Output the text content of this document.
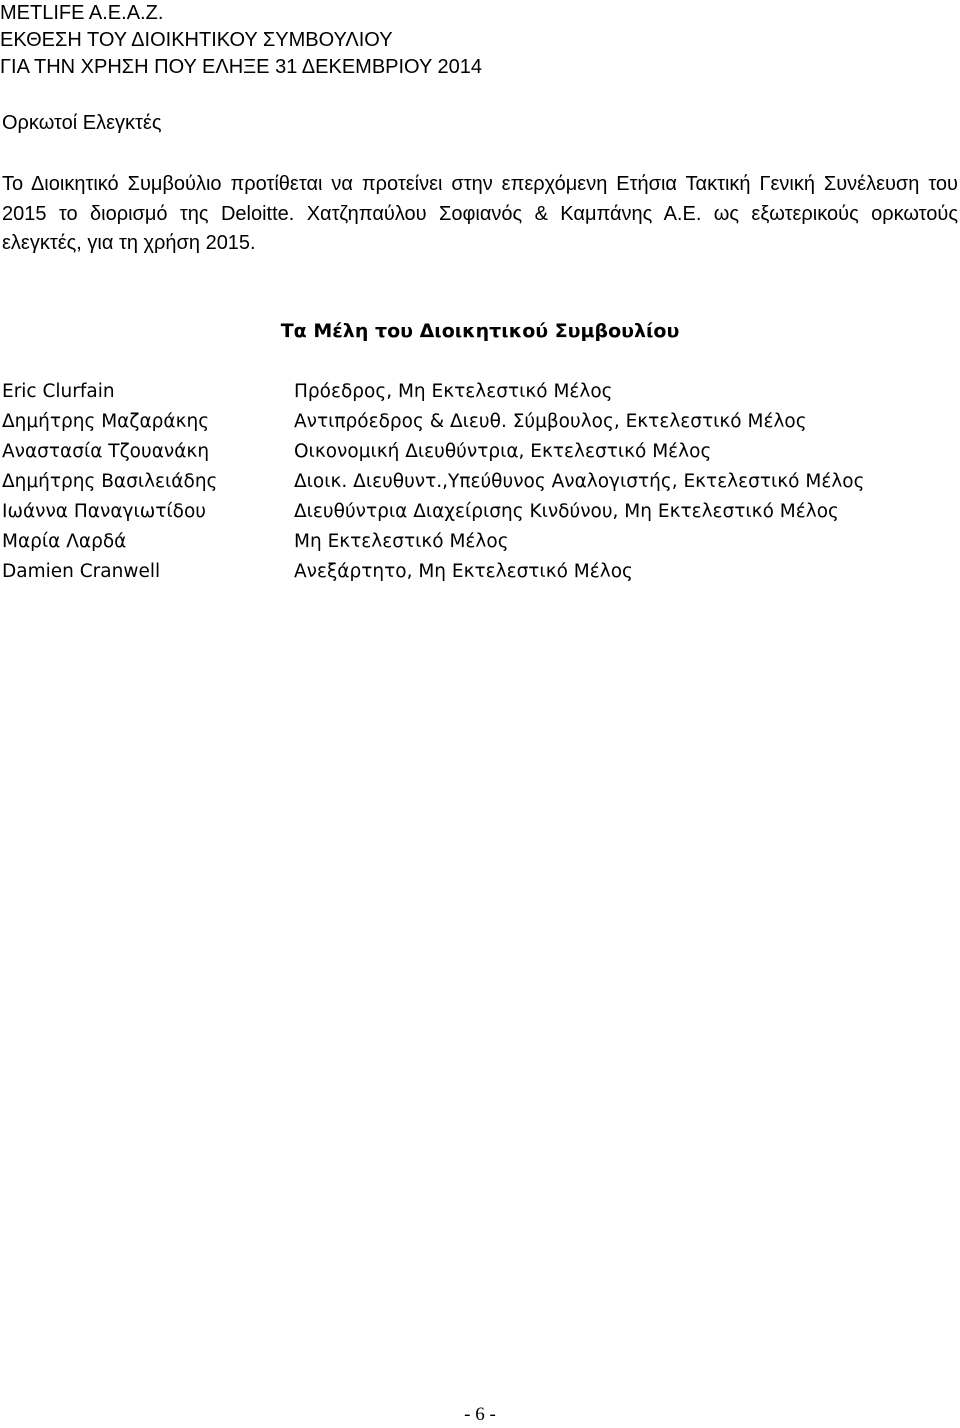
METLIFE A.E.A.Z.
ΕΚΘΕΣΗ ΤΟΥ ΔΙΟΙΚΗΤΙΚΟΥ ΣΥΜΒΟΥΛΙΟΥ
ΓΙΑ ΤΗΝ ΧΡΗΣΗ ΠΟΥ ΕΛΗΞΕ 31 ΔΕΚΕΜΒΡΙΟΥ 2014
Ορκωτοί Ελεγκτές

Το Διοικητικό Συμβούλιο προτίθεται να προτείνει στην επερχόμενη Ετήσια Τακτική Γενική Συνέλευση του 2015 το διορισμό της Deloitte. Χατζηπαύλου Σοφιανός & Καμπάνης Α.Ε. ως εξωτερικούς ορκωτούς ελεγκτές, για τη χρήση 2015.

Τα Μέλη του Διοικητικού Συμβουλίου
Eric Clurfain	Πρόεδρος, Μη Εκτελεστικό Μέλος
Δημήτρης Μαζαράκης	Αντιπρόεδρος & Διευθ. Σύμβουλος, Εκτελεστικό Μέλος
Αναστασία Τζουανάκη	Οικονομική Διευθύντρια, Εκτελεστικό Μέλος
Δημήτρης Βασιλειάδης	Διοικ. Διευθυντ.,Υπεύθυνος Αναλογιστής, Εκτελεστικό Μέλος
Ιωάννα Παναγιωτίδου	Διευθύντρια Διαχείρισης Κινδύνου, Μη Εκτελεστικό Μέλος
Μαρία Λαρδά	Μη Εκτελεστικό Μέλος
Damien Cranwell	Ανεξάρτητο, Μη Εκτελεστικό Μέλος
- 6 -
